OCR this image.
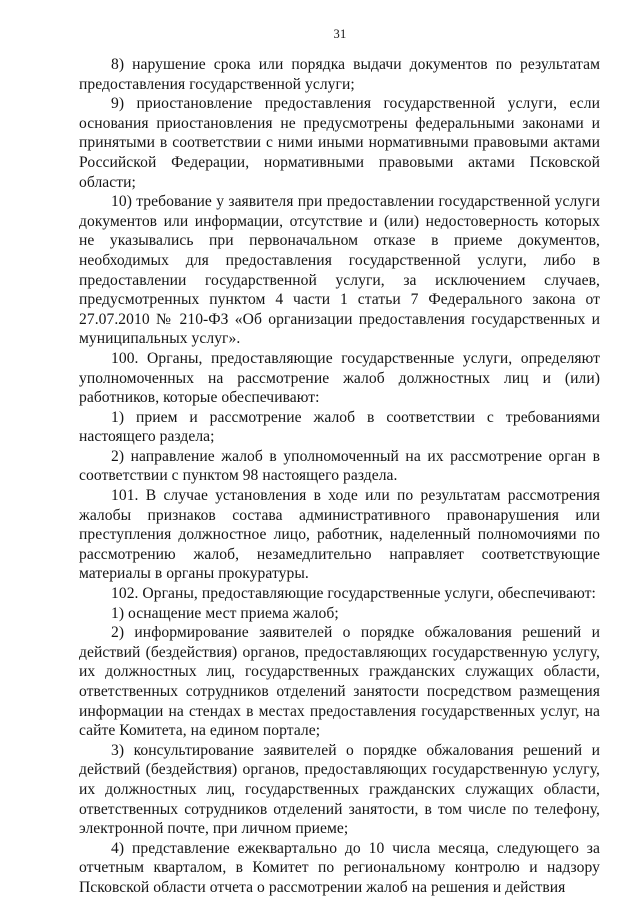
31

8) нарушение срока или порядка выдачи документов по результатам предоставления государственной услуги;

9) приостановление предоставления государственной услуги, если основания приостановления не предусмотрены федеральными законами и принятыми в соответствии с ними иными нормативными правовыми актами Российской Федерации, нормативными правовыми актами Псковской области;

10) требование у заявителя при предоставлении государственной услуги документов или информации, отсутствие и (или) недостоверность которых не указывались при первоначальном отказе в приеме документов, необходимых для предоставления государственной услуги, либо в предоставлении государственной услуги, за исключением случаев, предусмотренных пунктом 4 части 1 статьи 7 Федерального закона от 27.07.2010 № 210-ФЗ «Об организации предоставления государственных и муниципальных услуг».

100. Органы, предоставляющие государственные услуги, определяют уполномоченных на рассмотрение жалоб должностных лиц и (или) работников, которые обеспечивают:

1) прием и рассмотрение жалоб в соответствии с требованиями настоящего раздела;

2) направление жалоб в уполномоченный на их рассмотрение орган в соответствии с пунктом 98 настоящего раздела.

101. В случае установления в ходе или по результатам рассмотрения жалобы признаков состава административного правонарушения или преступления должностное лицо, работник, наделенный полномочиями по рассмотрению жалоб, незамедлительно направляет соответствующие материалы в органы прокуратуры.

102. Органы, предоставляющие государственные услуги, обеспечивают:

1) оснащение мест приема жалоб;

2) информирование заявителей о порядке обжалования решений и действий (бездействия) органов, предоставляющих государственную услугу, их должностных лиц, государственных гражданских служащих области, ответственных сотрудников отделений занятости посредством размещения информации на стендах в местах предоставления государственных услуг, на сайте Комитета, на едином портале;

3) консультирование заявителей о порядке обжалования решений и действий (бездействия) органов, предоставляющих государственную услугу, их должностных лиц, государственных гражданских служащих области, ответственных сотрудников отделений занятости, в том числе по телефону, электронной почте, при личном приеме;

4) представление ежеквартально до 10 числа месяца, следующего за отчетным кварталом, в Комитет по региональному контролю и надзору Псковской области отчета о рассмотрении жалоб на решения и действия
